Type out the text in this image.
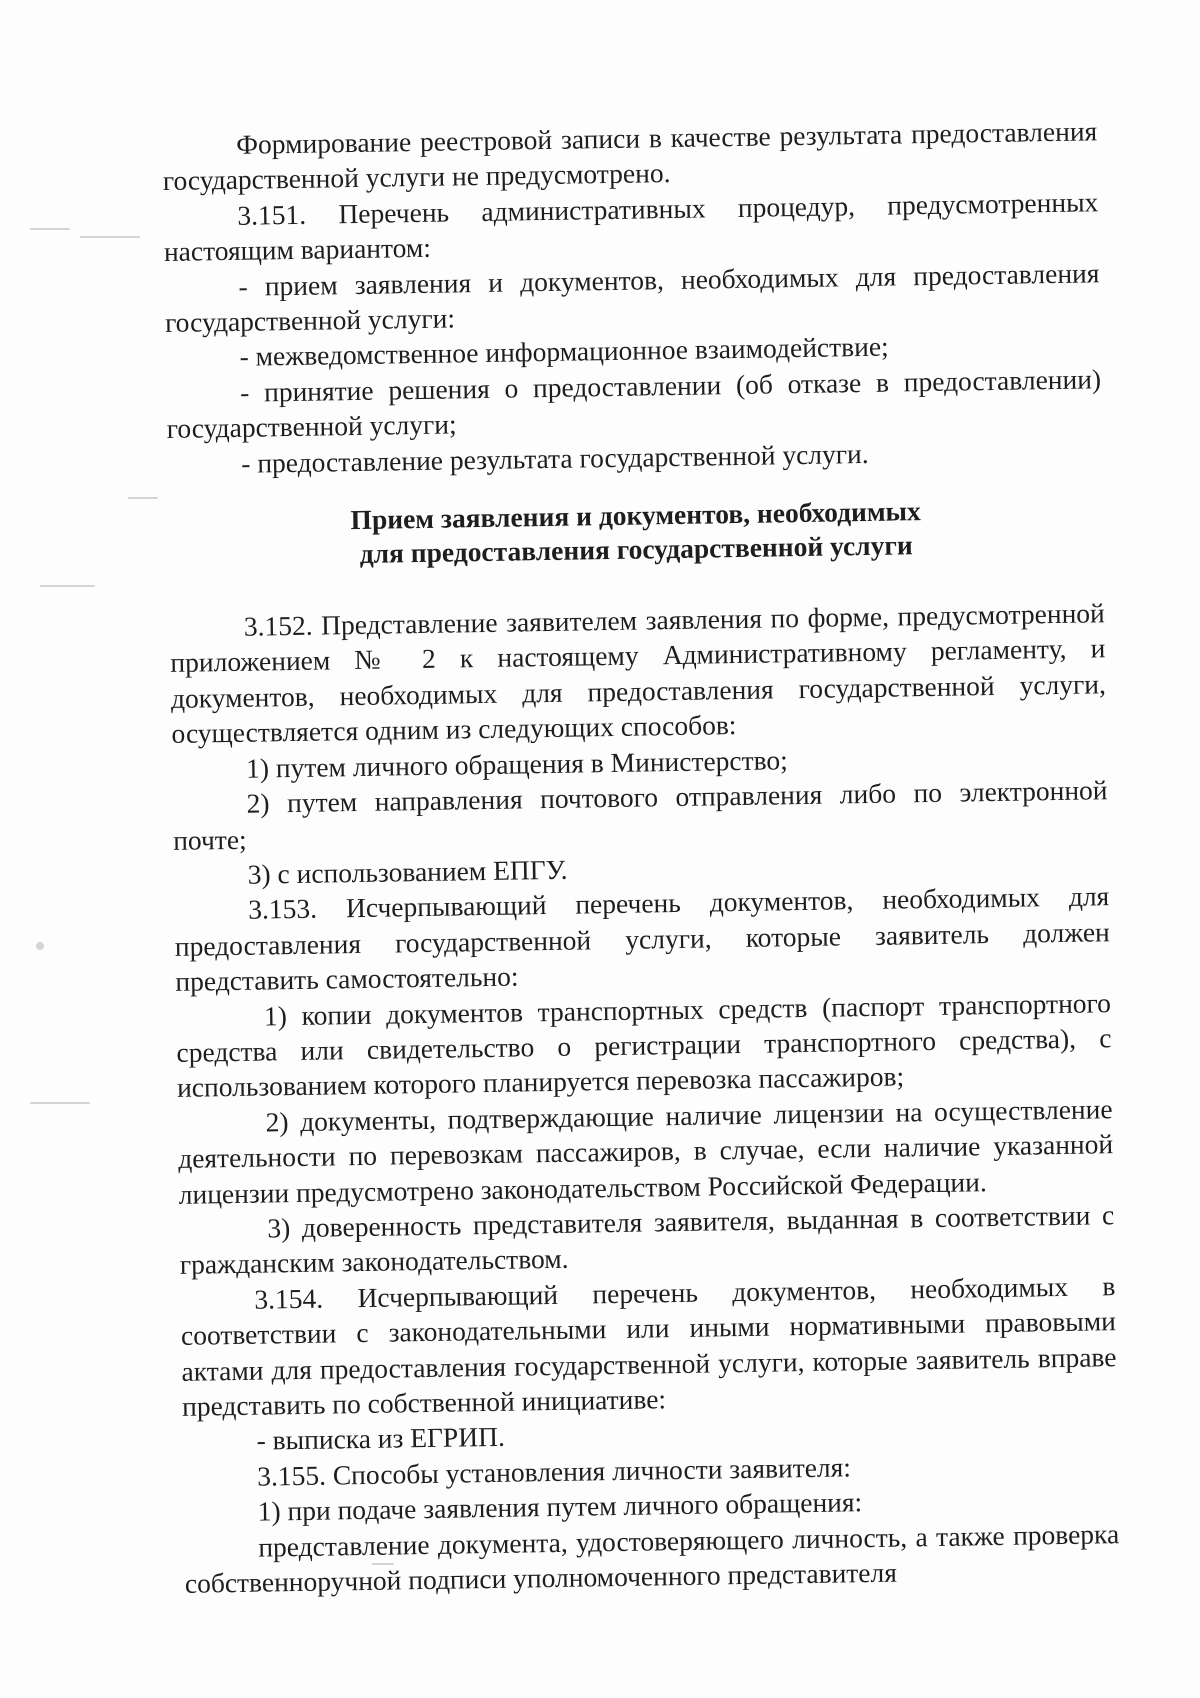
Формирование реестровой записи в качестве результата предоставления государственной услуги не предусмотрено.

3.151. Перечень административных процедур, предусмотренных настоящим вариантом:

- прием заявления и документов, необходимых для предоставления государственной услуги:

- межведомственное информационное взаимодействие;

- принятие решения о предоставлении (об отказе в предоставлении) государственной услуги;

- предоставление результата государственной услуги.

Прием заявления и документов, необходимых
для предоставления государственной услуги

3.152. Представление заявителем заявления по форме, предусмотренной приложением № 2 к настоящему Административному регламенту, и документов, необходимых для предоставления государственной услуги, осуществляется одним из следующих способов:

1) путем личного обращения в Министерство;

2) путем направления почтового отправления либо по электронной почте;

3) с использованием ЕПГУ.

3.153. Исчерпывающий перечень документов, необходимых для предоставления государственной услуги, которые заявитель должен представить самостоятельно:

1) копии документов транспортных средств (паспорт транспортного средства или свидетельство о регистрации транспортного средства), с использованием которого планируется перевозка пассажиров;

2) документы, подтверждающие наличие лицензии на осуществление деятельности по перевозкам пассажиров, в случае, если наличие указанной лицензии предусмотрено законодательством Российской Федерации.

3) доверенность представителя заявителя, выданная в соответствии с гражданским законодательством.

3.154. Исчерпывающий перечень документов, необходимых в соответствии с законодательными или иными нормативными правовыми актами для предоставления государственной услуги, которые заявитель вправе представить по собственной инициативе:

- выписка из ЕГРИП.

3.155. Способы установления личности заявителя:

1) при подаче заявления путем личного обращения:

представление документа, удостоверяющего личность, а также проверка собственноручной подписи уполномоченного представителя
